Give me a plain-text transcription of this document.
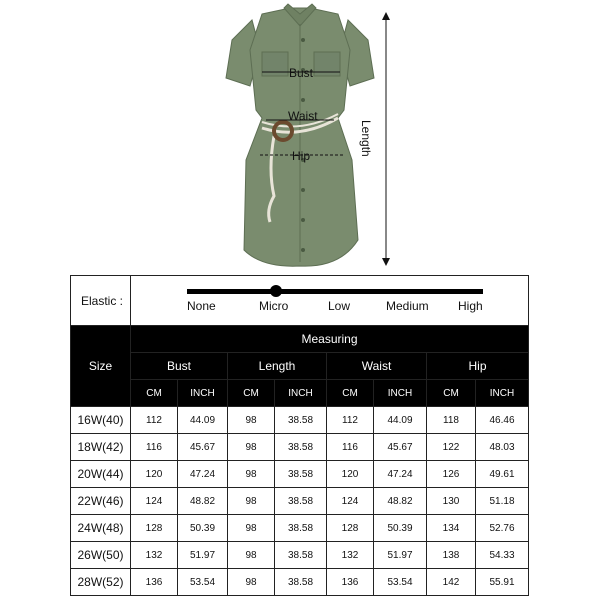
Bust
Waist
Hip	Length
Elastic :	None Micro Low Medium High							

Size	Measuring							
	Bust		Length		Waist		Hip	
	CM	INCH	CM	INCH	CM	INCH	CM	INCH
16W(40)	112	44.09	98	38.58	112	44.09	118	46.46
18W(42)	116	45.67	98	38.58	116	45.67	122	48.03
20W(44)	120	47.24	98	38.58	120	47.24	126	49.61
22W(46)	124	48.82	98	38.58	124	48.82	130	51.18
24W(48)	128	50.39	98	38.58	128	50.39	134	52.76
26W(50)	132	51.97	98	38.58	132	51.97	138	54.33
28W(52)	136	53.54	98	38.58	136	53.54	142	55.91
